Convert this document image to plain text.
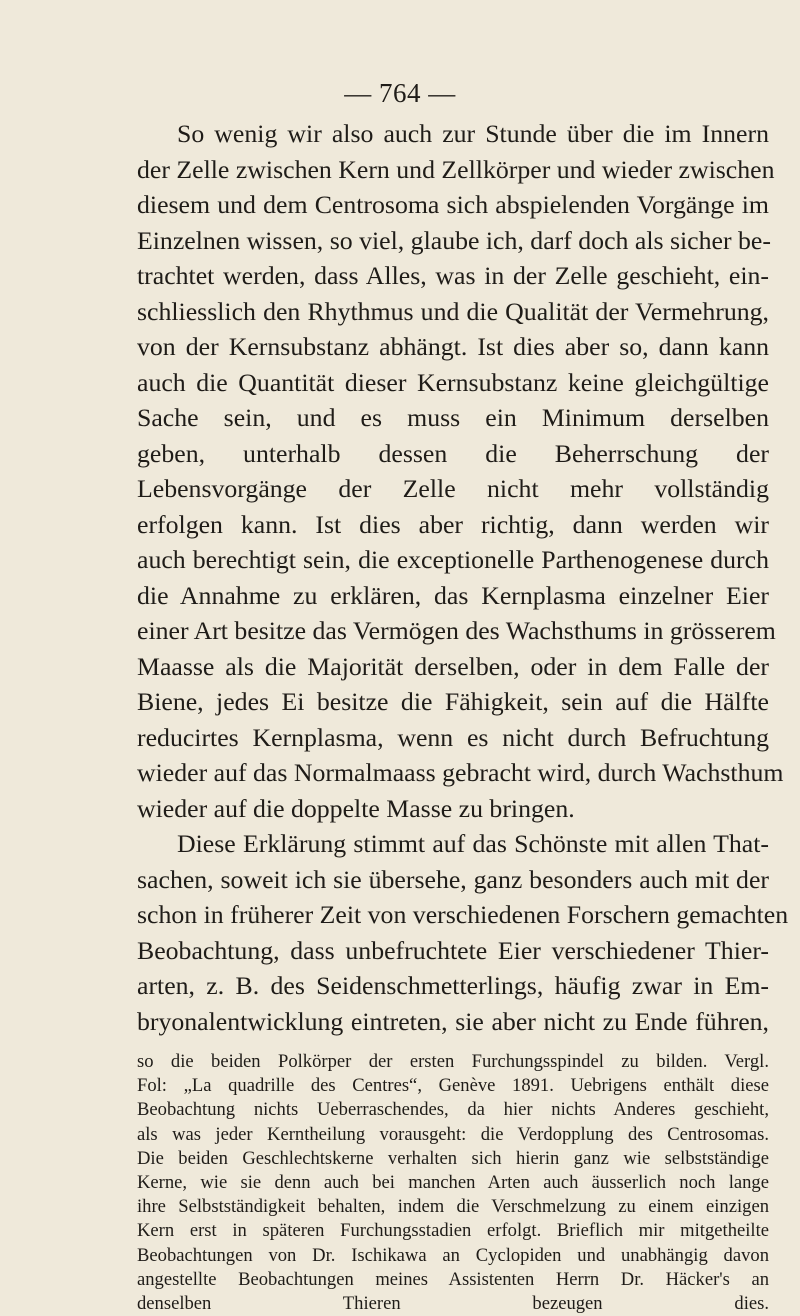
— 764 —
So wenig wir also auch zur Stunde über die im Innern
der Zelle zwischen Kern und Zellkörper und wieder zwischen
diesem und dem Centrosoma sich abspielenden Vorgänge im
Einzelnen wissen, so viel, glaube ich, darf doch als sicher be-
trachtet werden, dass Alles, was in der Zelle geschieht, ein-
schliesslich den Rhythmus und die Qualität der Vermehrung,
von der Kernsubstanz abhängt. Ist dies aber so, dann kann
auch die Quantität dieser Kernsubstanz keine gleichgültige
Sache sein, und es muss ein Minimum derselben
geben, unterhalb dessen die Beherrschung der
Lebensvorgänge der Zelle nicht mehr vollständig
erfolgen kann. Ist dies aber richtig, dann werden wir
auch berechtigt sein, die exceptionelle Parthenogenese durch
die Annahme zu erklären, das Kernplasma einzelner Eier
einer Art besitze das Vermögen des Wachsthums in grösserem
Maasse als die Majorität derselben, oder in dem Falle der
Biene, jedes Ei besitze die Fähigkeit, sein auf die Hälfte
reducirtes Kernplasma, wenn es nicht durch Befruchtung
wieder auf das Normalmaass gebracht wird, durch Wachsthum
wieder auf die doppelte Masse zu bringen.
Diese Erklärung stimmt auf das Schönste mit allen That-
sachen, soweit ich sie übersehe, ganz besonders auch mit der
schon in früherer Zeit von verschiedenen Forschern gemachten
Beobachtung, dass unbefruchtete Eier verschiedener Thier-
arten, z. B. des Seidenschmetterlings, häufig zwar in Em-
bryonalentwicklung eintreten, sie aber nicht zu Ende führen,
so die beiden Polkörper der ersten Furchungsspindel zu bilden. Vergl.
Fol: „La quadrille des Centres“, Genève 1891. Uebrigens enthält diese
Beobachtung nichts Ueberraschendes, da hier nichts Anderes geschieht,
als was jeder Kerntheilung vorausgeht: die Verdopplung des Centrosomas.
Die beiden Geschlechtskerne verhalten sich hierin ganz wie selbstständige
Kerne, wie sie denn auch bei manchen Arten auch äusserlich noch lange
ihre Selbstständigkeit behalten, indem die Verschmelzung zu einem einzigen
Kern erst in späteren Furchungsstadien erfolgt. Brieflich mir mitgetheilte
Beobachtungen von Dr. Ischikawa an Cyclopiden und unabhängig davon
angestellte Beobachtungen meines Assistenten Herrn Dr. Häcker's an
denselben Thieren bezeugen dies.
